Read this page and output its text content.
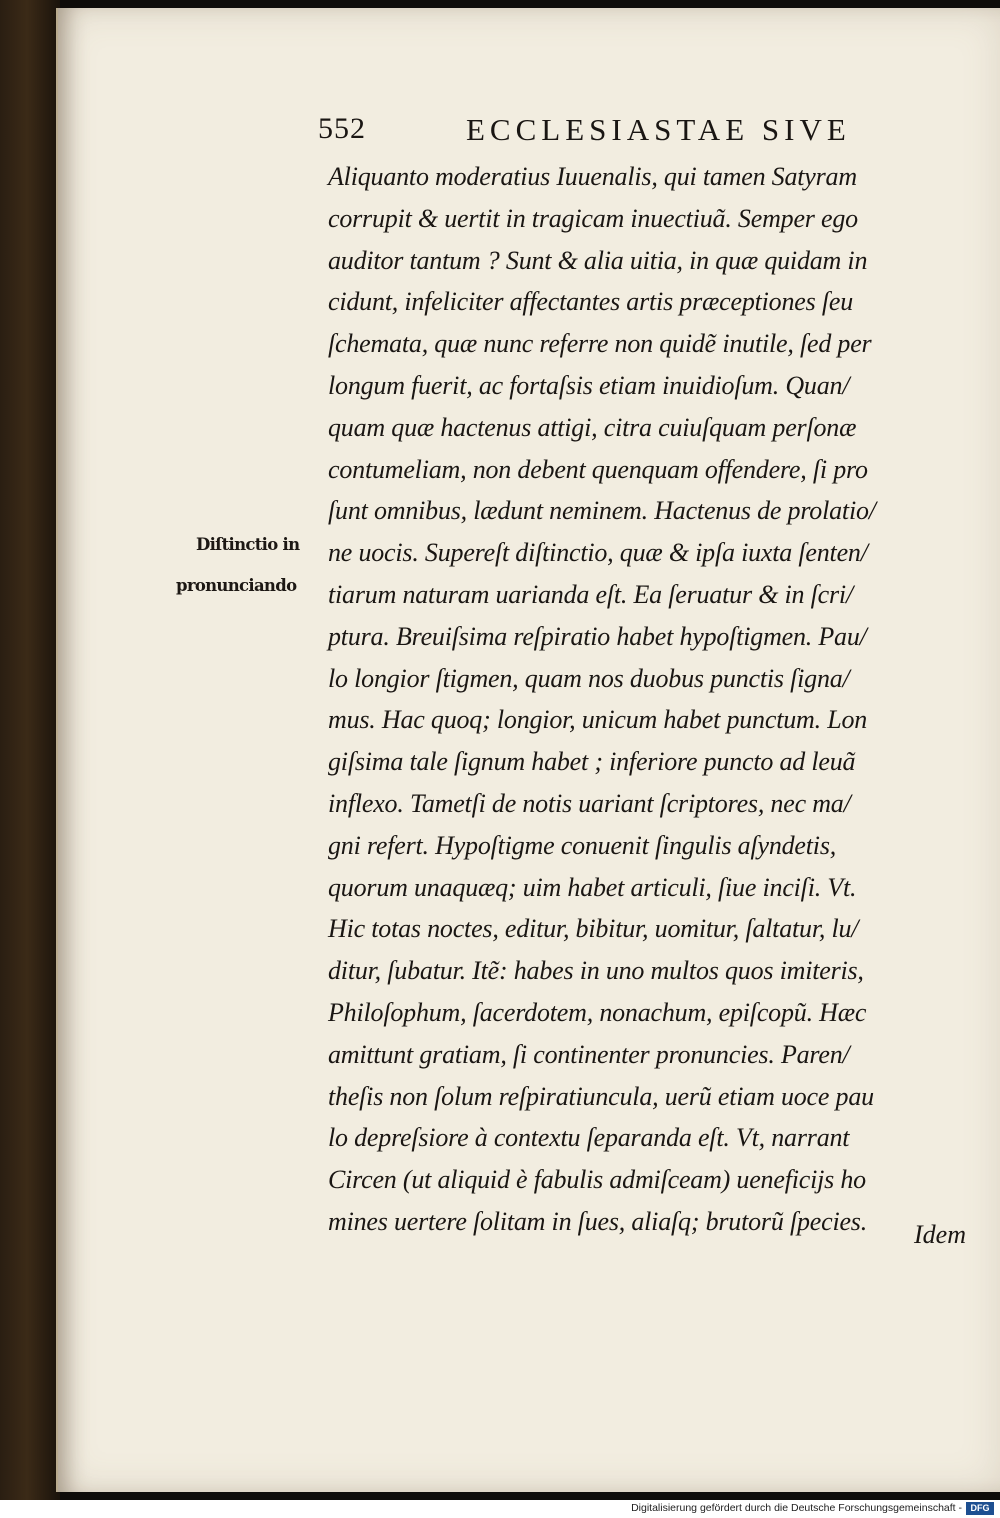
552	ECCLESIASTAE SIVE
Diſtinctio in
pronunciando
Aliquanto moderatius Iuuenalis, qui tamen Satyram
corrupit & uertit in tragicam inuectiuã. Semper ego
auditor tantum ? Sunt & alia uitia, in quæ quidam in
cidunt, infeliciter affectantes artis præceptiones ſeu
ſchemata, quæ nunc referre non quidẽ inutile, ſed per
longum fuerit, ac fortaſsis etiam inuidioſum. Quan/
quam quæ hactenus attigi, citra cuiuſquam perſonæ
contumeliam, non debent quenquam offendere, ſi pro
ſunt omnibus, lædunt neminem. Hactenus de prolatio/
ne uocis. Supereſt diſtinctio, quæ & ipſa iuxta ſenten/
tiarum naturam uarianda eſt. Ea ſeruatur & in ſcri/
ptura. Breuiſsima reſpiratio habet hypoſtigmen. Pau/
lo longior ſtigmen, quam nos duobus punctis ſigna/
mus. Hac quoq; longior, unicum habet punctum. Lon
giſsima tale ſignum habet ; inferiore puncto ad leuã
inflexo. Tametſi de notis uariant ſcriptores, nec ma/
gni refert. Hypoſtigme conuenit ſingulis aſyndetis,
quorum unaquæq; uim habet articuli, ſiue inciſi. Vt.
Hic totas noctes, editur, bibitur, uomitur, ſaltatur, lu/
ditur, ſubatur. Itẽ: habes in uno multos quos imiteris,
Philoſophum, ſacerdotem, nonachum, epiſcopũ. Hæc
amittunt gratiam, ſi continenter pronuncies. Paren/
theſis non ſolum reſpiratiuncula, uerũ etiam uoce pau
lo depreſsiore à contextu ſeparanda eſt. Vt, narrant
Circen (ut aliquid è fabulis admiſceam) ueneficijs ho
mines uertere ſolitam in ſues, aliaſq; brutorũ ſpecies.	Idem
Digitalisierung gefördert durch die Deutsche Forschungsgemeinschaft - DFG
